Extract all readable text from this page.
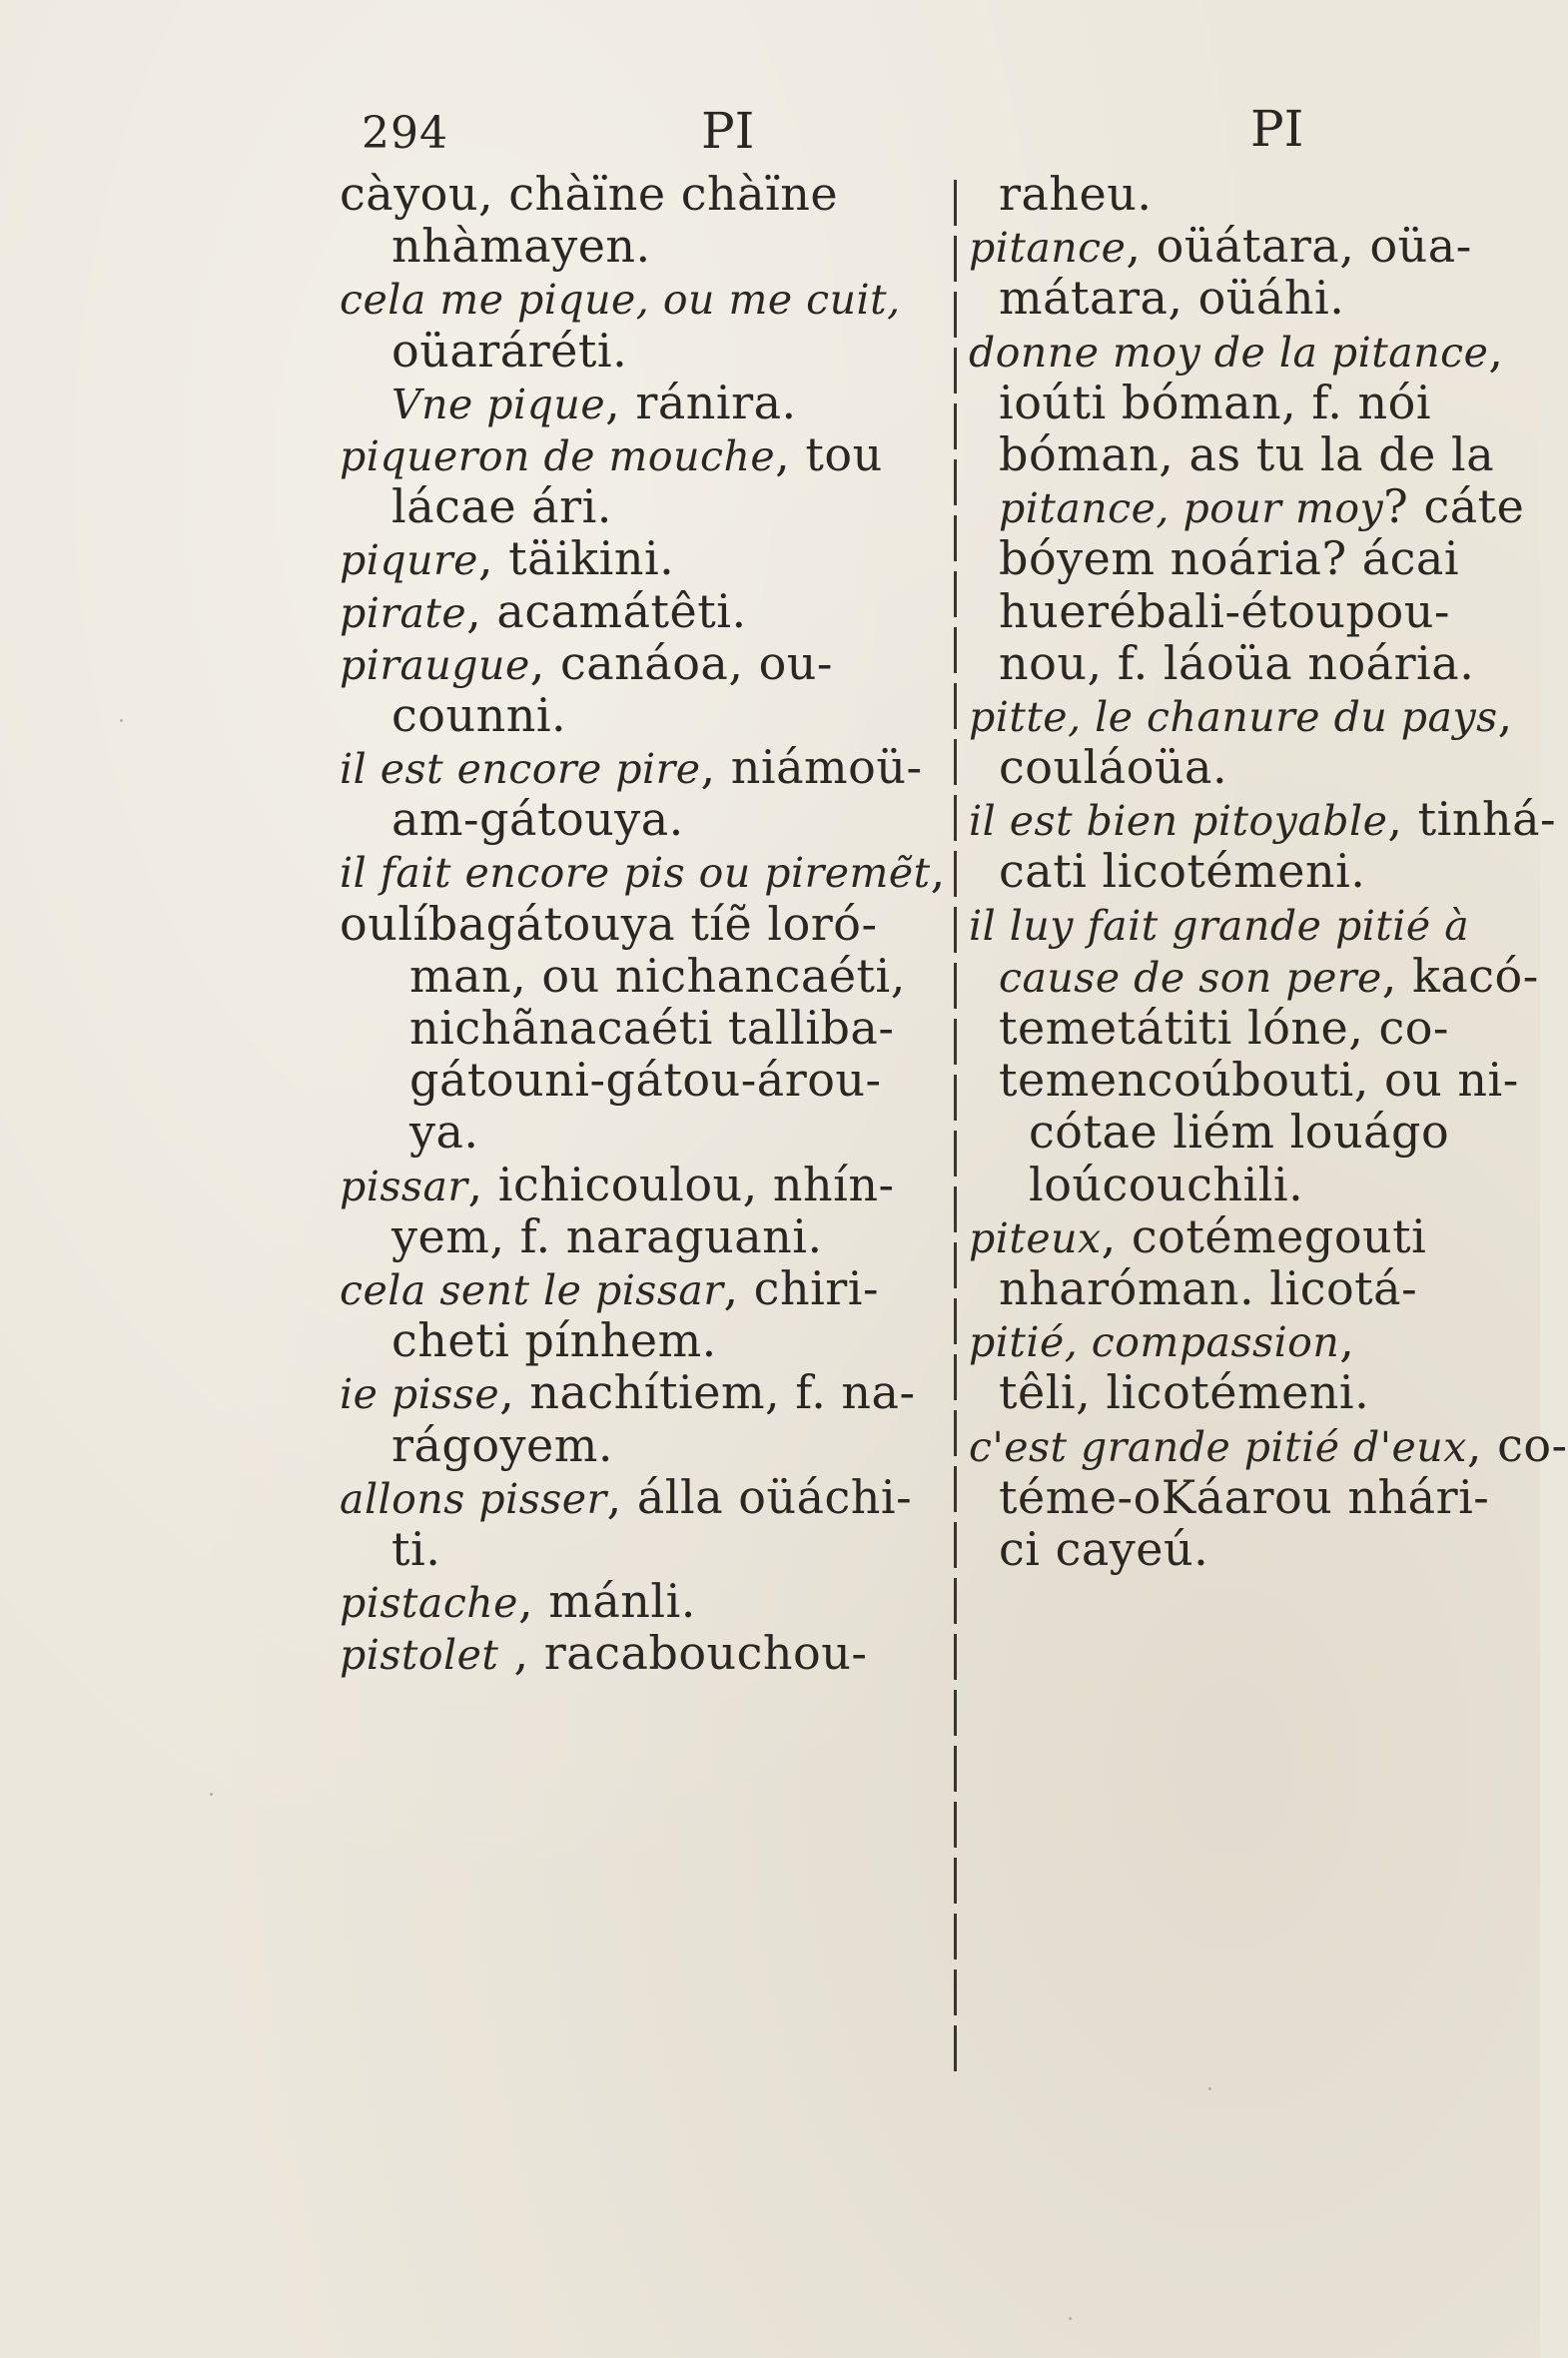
294	PI	PI
càyou, chàïne chàïne
nhàmayen.
cela me pique, ou me cuit,
oüaráréti.
Vne pique, ránira.
piqueron de mouche, tou
lácae ári.
piqure, täikini.
pirate, acamátêti.
piraugue, canáoa, ou-
counni.
il est encore pire, niámoü-
am-gátouya.
il fait encore pis ou piremẽt,
oulíbagátouya tíẽ loró-
man, ou nichancaéti,
nichãnacaéti talliba-
gátouni-gátou-árou-
ya.
pissar, ichicoulou, nhín-
yem, f. naraguani.
cela sent le pissar, chiri-
cheti pínhem.
ie pisse, nachítiem, f. na-
rágoyem.
allons pisser, álla oüáchi-
ti.
pistache, mánli.
pistolet , racabouchou-
raheu.
pitance, oüátara, oüa-
mátara, oüáhi.
donne moy de la pitance,
ioúti bóman, f. nói
bóman, as tu la de la
pitance, pour moy? cáte
bóyem noária? ácai
huerébali-étoupou-
nou, f. láoüa noária.
pitte, le chanure du pays,
couláoüa.
il est bien pitoyable, tinhá-
cati licotémeni.
il luy fait grande pitié à
cause de son pere, kacó-
temetátiti lóne, co-
temencoúbouti, ou ni-
cótae liém louágo
loúcouchili.
piteux, cotémegouti
nharóman. licotá-
pitié, compassion,
têli, licotémeni.
c'est grande pitié d'eux, co-
téme-oKáarou nhári-
ci cayeú.
